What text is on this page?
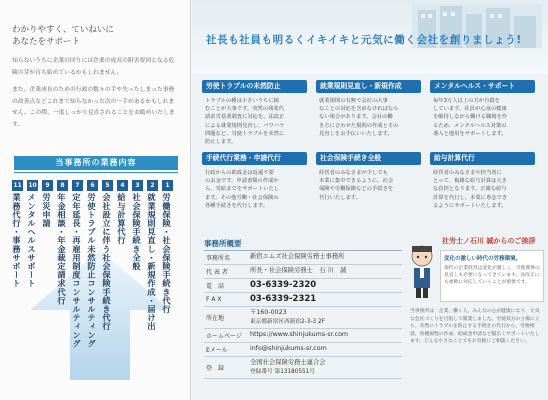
わかりやすく、ていねいに
あなたをサポート

知らないうちに企業の回りには企業の成長の阻害要因となる危険の芽が育ち始めているかもしれません。

また、企業成長のための行政の数々の手や失ったしまった事務の改善点などこれまで知らなかった次の一手があるかもしれません。この際、一度しっかり見直されることをお勧めいたします。

当事務所の業務内容
1
労働保険・社会保険手続き代行
2
就業規則見直し・新規作成・届け出
3
社会保険手続き全般
4
給与計算代行
5
会社設立に伴う社会保険手続き代行
6
労使トラブル未然防止コンサルティング
7
定年延長・再雇用制度コンサルティング
8
年金相談・年金裁定請求代行
9
労災申請
10
メンタルヘルスサポート
11
業務代行・事務サポート
社長も社員も明るくイキイキと元気に働く会社を創りましょう!
労使トラブルの未然防止
トラブルの種は小さいうちに摘
むことが大事です。突然の残業代
請求労基署調査に対応を。法改正
による就業規則見直し、パワハラ
問題など、労使トラブルを未然に
防止します。
就業規則見直し・新規作成
就業規則の有無で会社の大事
なことの対応を含めなければなら
ない場合があります。会社の働
き方に合わせた規則の作成とその
見直しをお手伝いいたします。
メンタルヘルス・サポート
毎年3万人以上の方が自殺を
しています。社員が心身の健康
を維持しながら働ける職場を作
るため、メンタルヘルス対策の
導入と運用をサポートします。
手続代行業務・申請代行
行政からの助成金は返還不要
のお金です。申請書類の作成か
ら、受給までをサポートいたし
ます。その他労働・社会保険の
各種手続きを代行します。
社会保険手続き全般
経営者のみなさまが少しでも
本業に集中できるように、社会
保険や労働保険などの手続きを
代行いたします。
給与計算代行
経営者のみなさまや担当者に
とって、複雑な給与計算は大き
な負担となります。正確な給与
計算を代行し、本業に専念でき
るようにサポートいたします。
事務所概要
事務所名	新宿エムズ社会保険労務士事務所
代 表 者	所長・社会保険労務士　石 川　誠
電　話	03-6339-2320
F A X	03-6339-2321
所在地
〒160-0023
東京都新宿区西新宿2-3-3 2F
ホームページ	https://www.shinjukums-sr.com
Eメール	info@shinjukums-sr.com
登　録
全国社会保険労務士連合会
登録番号 第13180551号
社労士ノ石川 誠からのご挨拶
変化の激しい時代の労務環境。
現代の企業経営は変化が激しく、労使関係の見直しも必要になってきています。法改正にも柔軟に対応していくことが重要です。
当事務所は、企業、働く人、みんなの心が健康になり、元気な会社づくりを目指して開業しました。労使双方の立場に立ち、未然にトラブルを防止する手続きの代行から、労務相談、各種規程の作成、助成金申請など幅広くサポートいたします。どんな小さなことでもお気軽にご相談ください。
